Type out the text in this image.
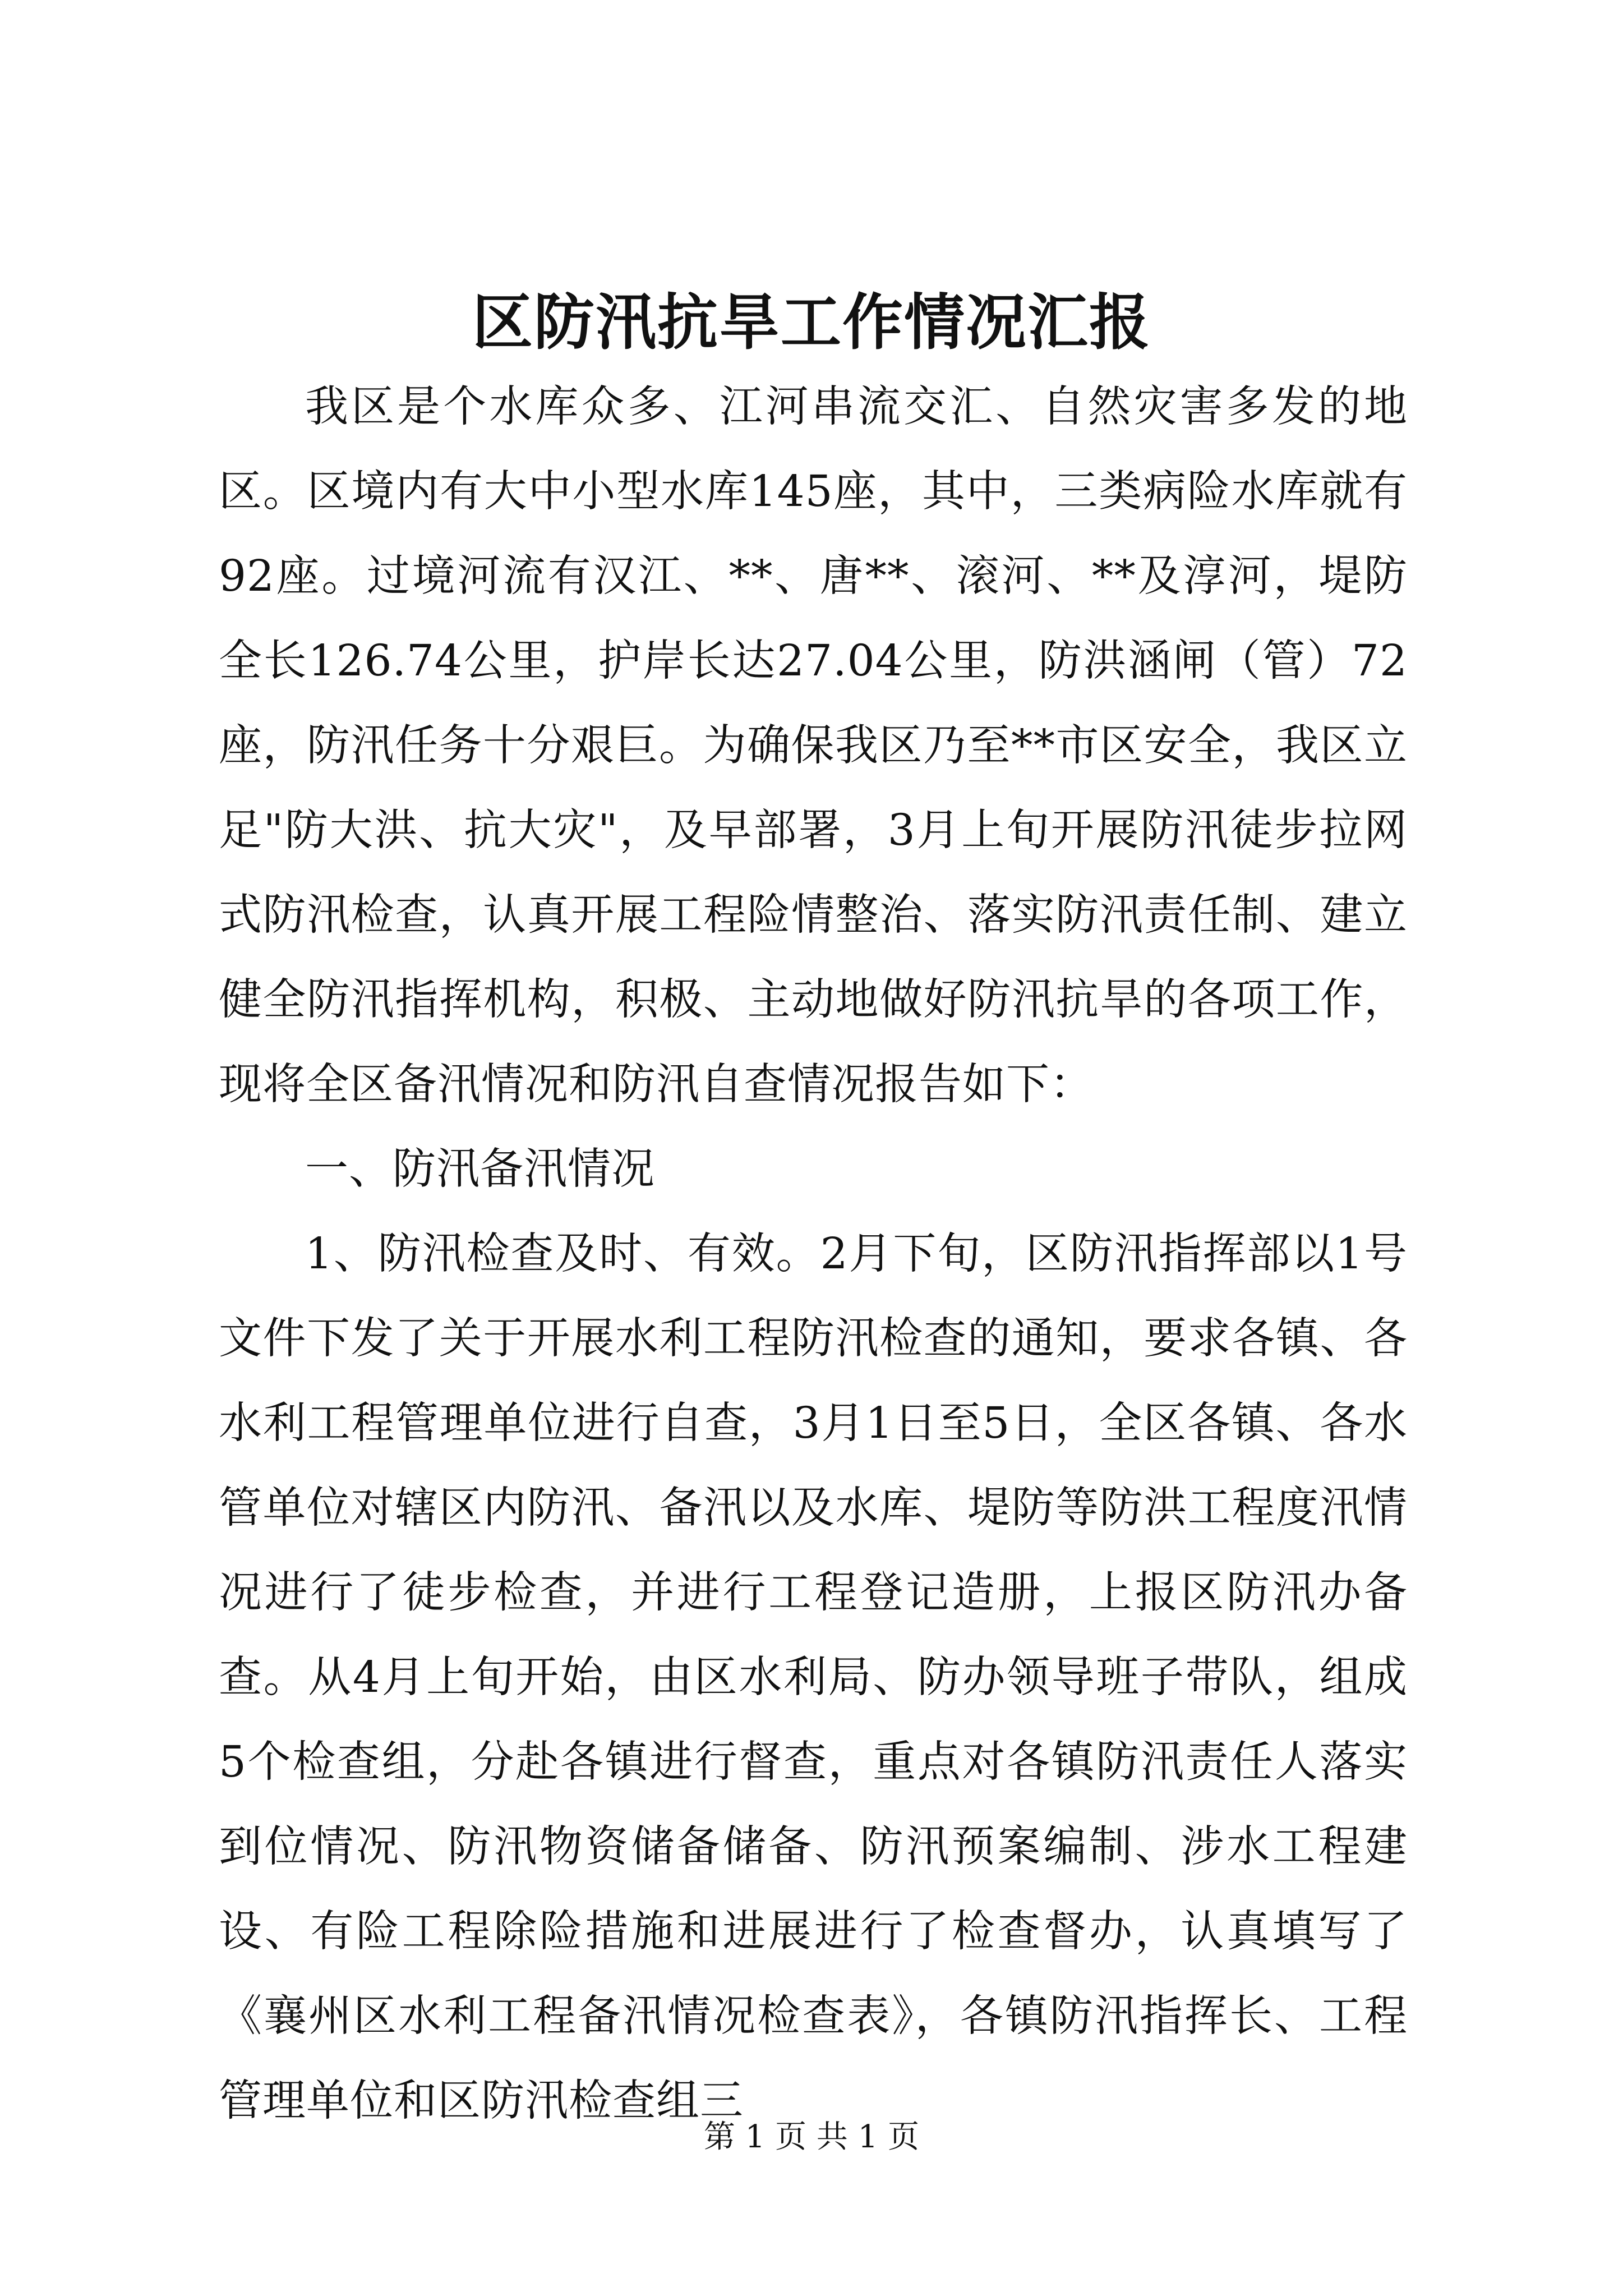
区防汛抗旱工作情况汇报

我区是个水库众多、江河串流交汇、自然灾害多发的地区。区境内有大中小型水库145座，其中，三类病险水库就有92座。过境河流有汉江、**、唐**、滚河、**及淳河，堤防全长126.74公里，护岸长达27.04公里，防洪涵闸（管）72座，防汛任务十分艰巨。为确保我区乃至**市区安全，我区立足"防大洪、抗大灾"，及早部署，3月上旬开展防汛徒步拉网式防汛检查，认真开展工程险情整治、落实防汛责任制、建立健全防汛指挥机构，积极、主动地做好防汛抗旱的各项工作，现将全区备汛情况和防汛自查情况报告如下：

一、防汛备汛情况

1、防汛检查及时、有效。2月下旬，区防汛指挥部以1号文件下发了关于开展水利工程防汛检查的通知，要求各镇、各水利工程管理单位进行自查，3月1日至5日，全区各镇、各水管单位对辖区内防汛、备汛以及水库、堤防等防洪工程度汛情况进行了徒步检查，并进行工程登记造册，上报区防汛办备查。从4月上旬开始，由区水利局、防办领导班子带队，组成5个检查组，分赴各镇进行督查，重点对各镇防汛责任人落实到位情况、防汛物资储备储备、防汛预案编制、涉水工程建设、有险工程除险措施和进展进行了检查督办，认真填写了《襄州区水利工程备汛情况检查表》，各镇防汛指挥长、工程管理单位和区防汛检查组三

第 1 页 共 1 页
